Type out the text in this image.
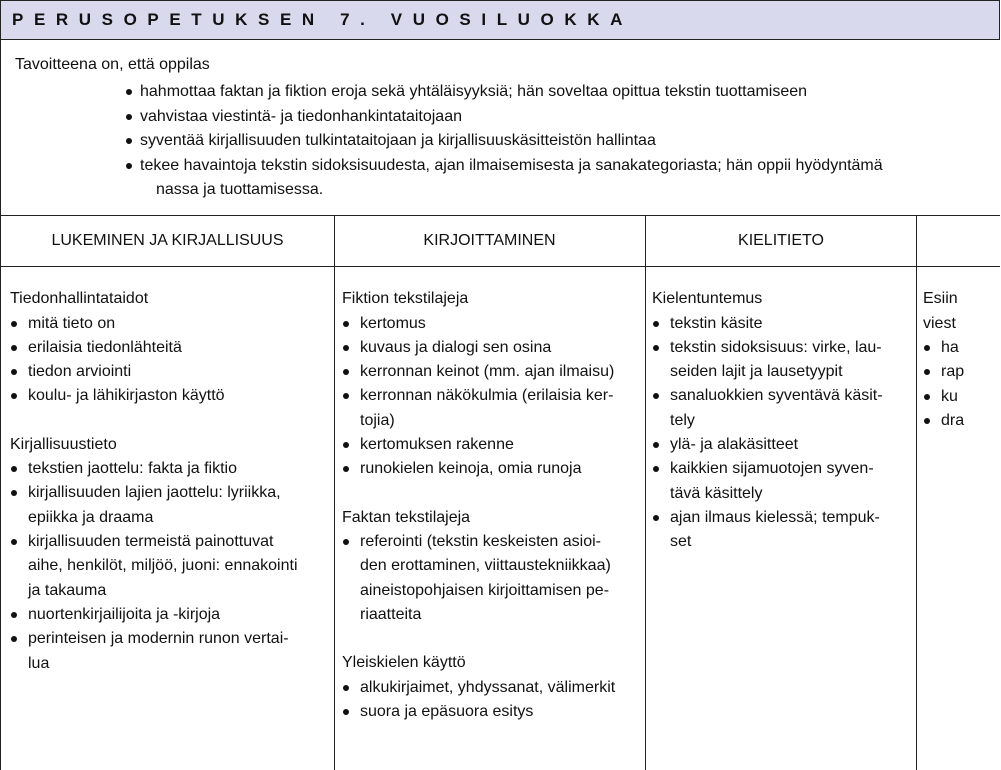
PERUSOPETUKSEN 7. VUOSILUOKKA
Tavoitteena on, että oppilas
hahmottaa faktan ja fiktion eroja sekä yhtäläisyyksiä; hän soveltaa opittua tekstin tuottamiseen
vahvistaa viestintä- ja tiedonhankintataitojaan
syventää kirjallisuuden tulkintataitojaan ja kirjallisuuskäsitteistön hallintaa
tekee havaintoja tekstin sidoksisuudesta, ajan ilmaisemisesta ja sanakategoriasta; hän oppii hyödyntämä
nassa ja tuottamisessa.
LUKEMINEN JA KIRJALLISUUS	KIRJOITTAMINEN	KIELITIETO
Tiedonhallintataidot
mitä tieto on
erilaisia tiedonlähteitä
tiedon arviointi
koulu- ja lähikirjaston käyttö
Kirjallisuustieto
tekstien jaottelu: fakta ja fiktio
kirjallisuuden lajien jaottelu: lyriikka,
epiikka ja draama
kirjallisuuden termeistä painottuvat
aihe, henkilöt, miljöö, juoni: ennakointi
ja takauma
nuortenkirjailijoita ja -kirjoja
perinteisen ja modernin runon vertai-
lua
Fiktion tekstilajeja
kertomus
kuvaus ja dialogi sen osina
kerronnan keinot (mm. ajan ilmaisu)
kerronnan näkökulmia (erilaisia ker-
tojia)
kertomuksen rakenne
runokielen keinoja, omia runoja
Faktan tekstilajeja
referointi (tekstin keskeisten asioi-
den erottaminen, viittaustekniikkaa)
aineistopohjaisen kirjoittamisen pe-
riaatteita
Yleiskielen käyttö
alkukirjaimet, yhdyssanat, välimerkit
suora ja epäsuora esitys
Kielentuntemus
tekstin käsite
tekstin sidoksisuus: virke, lau-
seiden lajit ja lausetyypit
sanaluokkien syventävä käsit-
tely
ylä- ja alakäsitteet
kaikkien sijamuotojen syven-
tävä käsittely
ajan ilmaus kielessä; tempuk-
set
Esiin
viest
ha
rap
ku
dra
